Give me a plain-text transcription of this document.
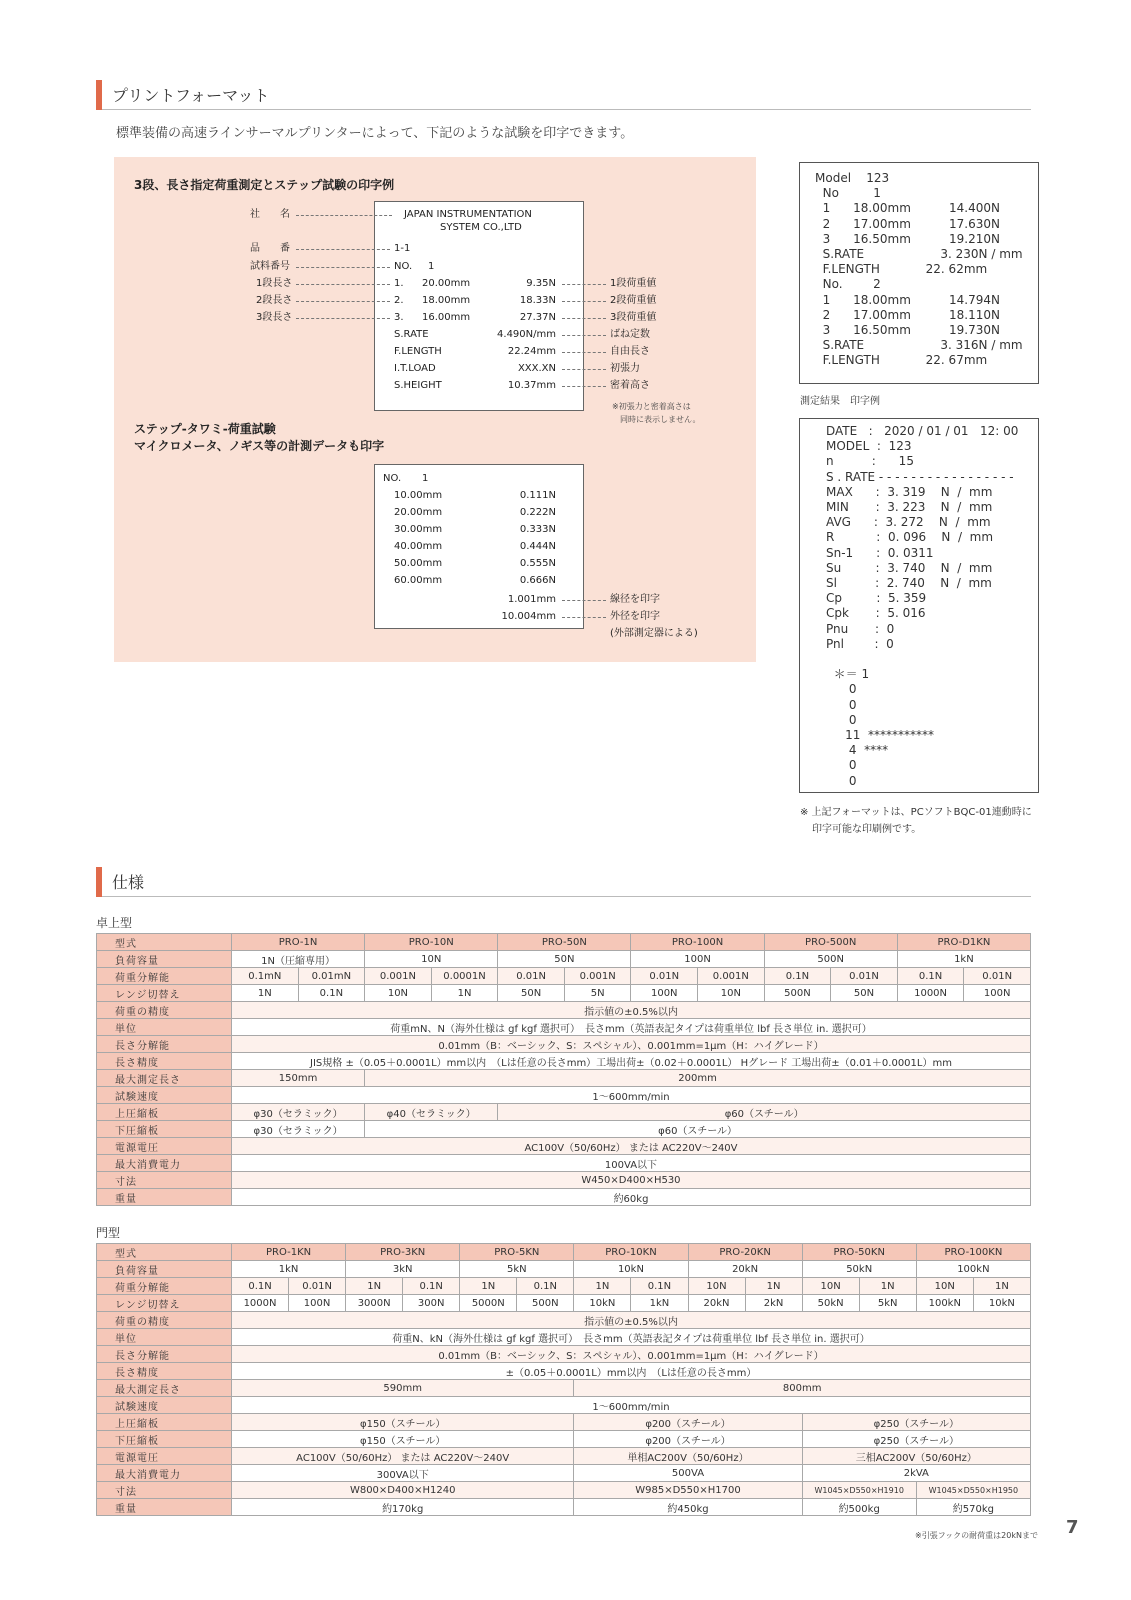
プリントフォーマット
標準装備の高速ラインサーマルプリンターによって、下記のような試験を印字できます。
3段、長さ指定荷重測定とステップ試験の印字例
JAPAN INSTRUMENTATION
SYSTEM CO.,LTD
1-1
NO. 1
1. 20.00mm	9.35N
2. 18.00mm	18.33N
3. 16.00mm	27.37N
S.RATE	4.490N/mm
F.LENGTH	22.24mm
I.T.LOAD	XXX.XN
S.HEIGHT	10.37mm
社　　名
品　　番
試料番号
1段長さ
2段長さ
3段長さ
1段荷重値
2段荷重値
3段荷重値
ばね定数
自由長さ
初張力
密着高さ
※初張力と密着高さは
同時に表示しません。
ステップ-タワミ-荷重試験
マイクロメータ、ノギス等の計測データも印字
NO. 1
10.00mm	0.111N
20.00mm	0.222N
30.00mm	0.333N
40.00mm	0.444N
50.00mm	0.555N
60.00mm	0.666N
1.001mm
10.004mm
線径を印字
外径を印字
(外部測定器による)
Model    123
No         1
1      18.00mm          14.400N
2      17.00mm          17.630N
3      16.50mm          19.210N
S.RATE                    3. 230N / mm
F.LENGTH            22. 62mm
No.        2
1      18.00mm          14.794N
2      17.00mm          18.110N
3      16.50mm          19.730N
S.RATE                    3. 316N / mm
F.LENGTH            22. 67mm
測定結果　印字例
DATE   :   2020 / 01 / 01   12: 00
MODEL  :  123
n          :      15
S . RATE - - - - - - - - - - - - - - - - -
MAX      :  3. 319    N  /  mm
MIN       :  3. 223    N  /  mm
AVG      :  3. 272    N  /  mm
R           :  0. 096    N  /  mm
Sn-1      :  0. 0311
Su         :  3. 740    N  /  mm
Sl          :  2. 740    N  /  mm
Cp         :  5. 359
Cpk       :  5. 016
Pnu       :  0
Pnl        :  0
＊＝ 1
0
0
0
11  ***********
4  ****
0
0
※ 上記フォーマットは、PCソフトBQC-01連動時に
印字可能な印刷例です。
仕様
卓上型
型式	PRO-1N		PRO-10N		PRO-50N		PRO-100N		PRO-500N		PRO-D1KN	
負荷容量	1N（圧縮専用）		10N		50N		100N		500N		1kN	
荷重分解能	0.1mN	0.01mN	0.001N	0.0001N	0.01N	0.001N	0.01N	0.001N	0.1N	0.01N	0.1N	0.01N
レンジ切替え	1N	0.1N	10N	1N	50N	5N	100N	10N	500N	50N	1000N	100N
荷重の精度	指示値の±0.5%以内											
単位	荷重mN、N（海外仕様は gf kgf 選択可）　長さmm（英語表記タイプは荷重単位 lbf 長さ単位 in. 選択可）											
長さ分解能	0.01mm（B：ベーシック、S：スペシャル）、0.001mm=1μm（H：ハイグレード）											
長さ精度	JIS規格 ±（0.05＋0.0001L）mm以内　（Lは任意の長さmm）工場出荷±（0.02＋0.0001L） Hグレード 工場出荷±（0.01＋0.0001L）mm											
最大測定長さ	150mm		200mm									
試験速度	1～600mm/min											
上圧縮板	φ30（セラミック）		φ40（セラミック）		φ60（スチール）							
下圧縮板	φ30（セラミック）		φ60（スチール）									
電源電圧	AC100V（50/60Hz） または AC220V～240V											
最大消費電力	100VA以下											
寸法	W450×D400×H530											
重量	約60kg											
門型
型式	PRO-1KN		PRO-3KN		PRO-5KN		PRO-10KN		PRO-20KN		PRO-50KN		PRO-100KN	
負荷容量	1kN		3kN		5kN		10kN		20kN		50kN		100kN	
荷重分解能	0.1N	0.01N	1N	0.1N	1N	0.1N	1N	0.1N	10N	1N	10N	1N	10N	1N
レンジ切替え	1000N	100N	3000N	300N	5000N	500N	10kN	1kN	20kN	2kN	50kN	5kN	100kN	10kN
荷重の精度	指示値の±0.5%以内													
単位	荷重N、kN（海外仕様は gf kgf 選択可）　長さmm（英語表記タイプは荷重単位 lbf 長さ単位 in. 選択可）													
長さ分解能	0.01mm（B：ベーシック、S：スペシャル）、0.001mm=1μm（H：ハイグレード）													
長さ精度	±（0.05＋0.0001L）mm以内　（Lは任意の長さmm）													
最大測定長さ	590mm						800mm							
試験速度	1～600mm/min													
上圧縮板	φ150（スチール）						φ200（スチール）				φ250（スチール）			
下圧縮板	φ150（スチール）						φ200（スチール）				φ250（スチール）			
電源電圧	AC100V（50/60Hz） または AC220V～240V						単相AC200V（50/60Hz）				三相AC200V（50/60Hz）			
最大消費電力	300VA以下						500VA				2kVA			
寸法	W800×D400×H1240						W985×D550×H1700				W1045×D550×H1910		W1045×D550×H1950	
重量	約170kg						約450kg				約500kg		約570kg	
※引張フックの耐荷重は20kNまで 7
